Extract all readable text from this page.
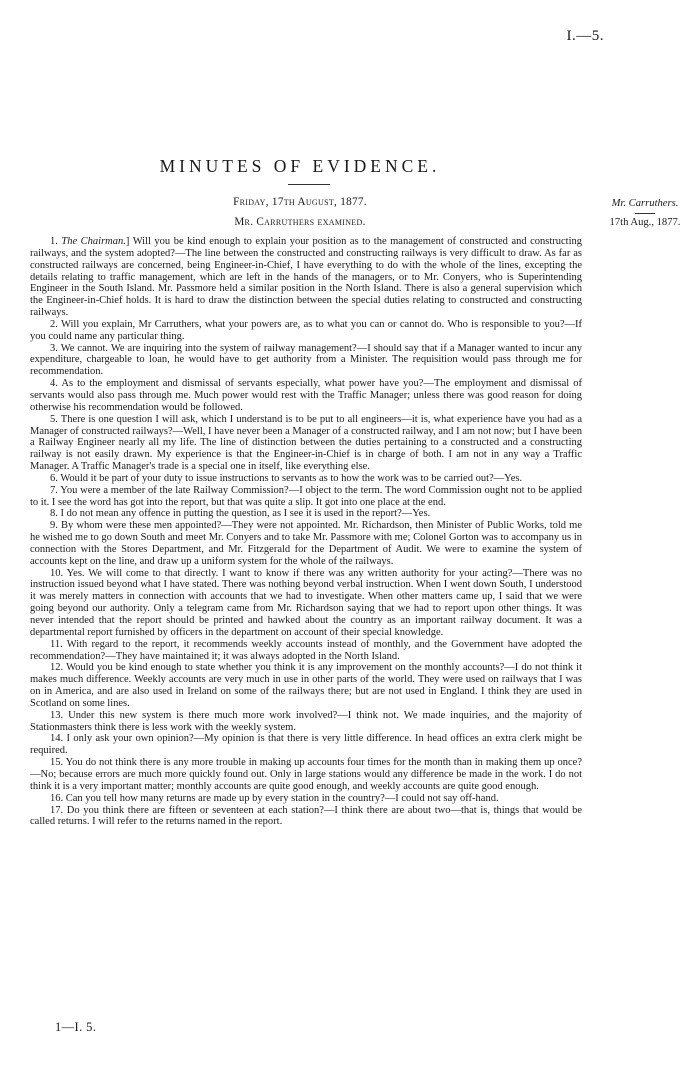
I.—5.
MINUTES OF EVIDENCE.
Friday, 17th August, 1877.
Mr. Carruthers examined.
Mr. Carruthers.
17th Aug., 1877.

1. The Chairman.] Will you be kind enough to explain your position as to the management of constructed and constructing railways, and the system adopted?—The line between the constructed and constructing railways is very difficult to draw. As far as constructed railways are concerned, being Engineer-in-Chief, I have everything to do with the whole of the lines, excepting the details relating to traffic management, which are left in the hands of the managers, or to Mr. Conyers, who is Superintending Engineer in the South Island. Mr. Passmore held a similar position in the North Island. There is also a general supervision which the Engineer-in-Chief holds. It is hard to draw the distinction between the special duties relating to constructed and constructing railways.

2. Will you explain, Mr Carruthers, what your powers are, as to what you can or cannot do. Who is responsible to you?—If you could name any particular thing.

3. We cannot. We are inquiring into the system of railway management?—I should say that if a Manager wanted to incur any expenditure, chargeable to loan, he would have to get authority from a Minister. The requisition would pass through me for recommendation.

4. As to the employment and dismissal of servants especially, what power have you?—The employment and dismissal of servants would also pass through me. Much power would rest with the Traffic Manager; unless there was good reason for doing otherwise his recommendation would be followed.

5. There is one question I will ask, which I understand is to be put to all engineers—it is, what experience have you had as a Manager of constructed railways?—Well, I have never been a Manager of a constructed railway, and I am not now; but I have been a Railway Engineer nearly all my life. The line of distinction between the duties pertaining to a constructed and a constructing railway is not easily drawn. My experience is that the Engineer-in-Chief is in charge of both. I am not in any way a Traffic Manager. A Traffic Manager's trade is a special one in itself, like everything else.

6. Would it be part of your duty to issue instructions to servants as to how the work was to be carried out?—Yes.

7. You were a member of the late Railway Commission?—I object to the term. The word Commission ought not to be applied to it. I see the word has got into the report, but that was quite a slip. It got into one place at the end.

8. I do not mean any offence in putting the question, as I see it is used in the report?—Yes.

9. By whom were these men appointed?—They were not appointed. Mr. Richardson, then Minister of Public Works, told me he wished me to go down South and meet Mr. Conyers and to take Mr. Passmore with me; Colonel Gorton was to accompany us in connection with the Stores Department, and Mr. Fitzgerald for the Department of Audit. We were to examine the system of accounts kept on the line, and draw up a uniform system for the whole of the railways.

10. Yes. We will come to that directly. I want to know if there was any written authority for your acting?—There was no instruction issued beyond what I have stated. There was nothing beyond verbal instruction. When I went down South, I understood it was merely matters in connection with accounts that we had to investigate. When other matters came up, I said that we were going beyond our authority. Only a telegram came from Mr. Richardson saying that we had to report upon other things. It was never intended that the report should be printed and hawked about the country as an important railway document. It was a departmental report furnished by officers in the department on account of their special knowledge.

11. With regard to the report, it recommends weekly accounts instead of monthly, and the Government have adopted the recommendation?—They have maintained it; it was always adopted in the North Island.

12. Would you be kind enough to state whether you think it is any improvement on the monthly accounts?—I do not think it makes much difference. Weekly accounts are very much in use in other parts of the world. They were used on railways that I was on in America, and are also used in Ireland on some of the railways there; but are not used in England. I think they are used in Scotland on some lines.

13. Under this new system is there much more work involved?—I think not. We made inquiries, and the majority of Stationmasters think there is less work with the weekly system.

14. I only ask your own opinion?—My opinion is that there is very little difference. In head offices an extra clerk might be required.

15. You do not think there is any more trouble in making up accounts four times for the month than in making them up once?—No; because errors are much more quickly found out. Only in large stations would any difference be made in the work. I do not think it is a very important matter; monthly accounts are quite good enough, and weekly accounts are quite good enough.

16. Can you tell how many returns are made up by every station in the country?—I could not say off-hand.

17. Do you think there are fifteen or seventeen at each station?—I think there are about two—that is, things that would be called returns. I will refer to the returns named in the report.

1—I. 5.
